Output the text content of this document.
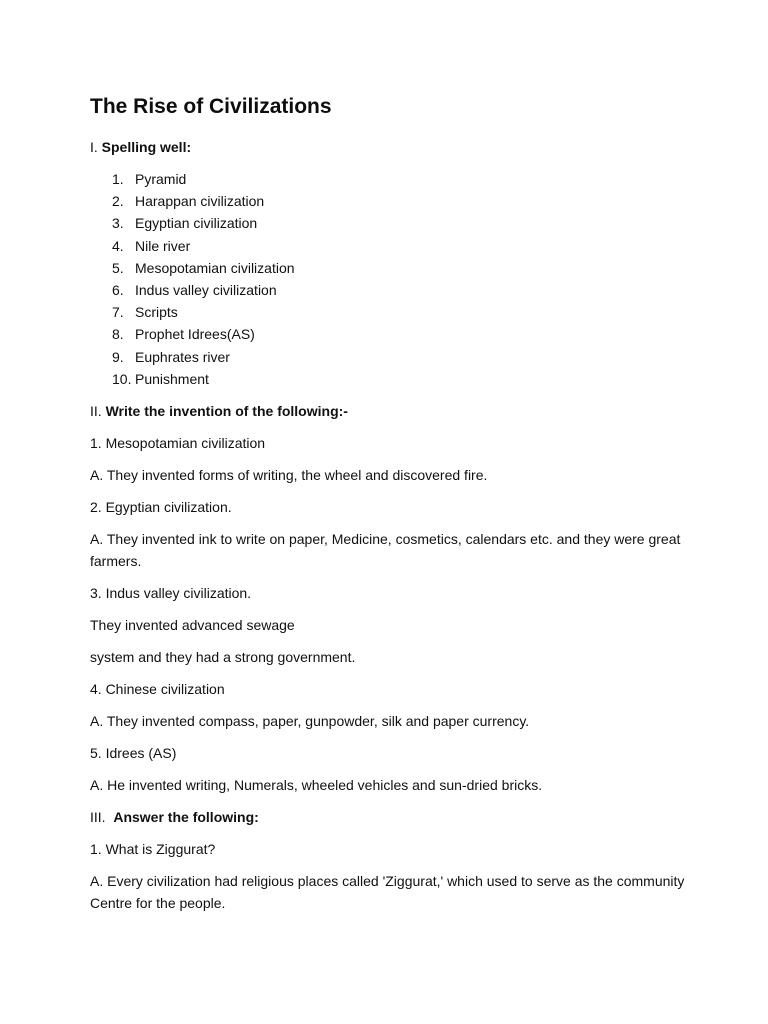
The Rise of Civilizations

I. Spelling well:

1. Pyramid
2. Harappan civilization
3. Egyptian civilization
4. Nile river
5. Mesopotamian civilization
6. Indus valley civilization
7. Scripts
8. Prophet Idrees(AS)
9. Euphrates river
10. Punishment

II. Write the invention of the following:-

1. Mesopotamian civilization

A. They invented forms of writing, the wheel and discovered fire.

2. Egyptian civilization.

A. They invented ink to write on paper, Medicine, cosmetics, calendars etc. and they were great farmers.

3. Indus valley civilization.

They invented advanced sewage

system and they had a strong government.

4. Chinese civilization

A. They invented compass, paper, gunpowder, silk and paper currency.

5. Idrees (AS)

A. He invented writing, Numerals, wheeled vehicles and sun-dried bricks.

III. Answer the following:

1. What is Ziggurat?

A. Every civilization had religious places called 'Ziggurat,' which used to serve as the community Centre for the people.
